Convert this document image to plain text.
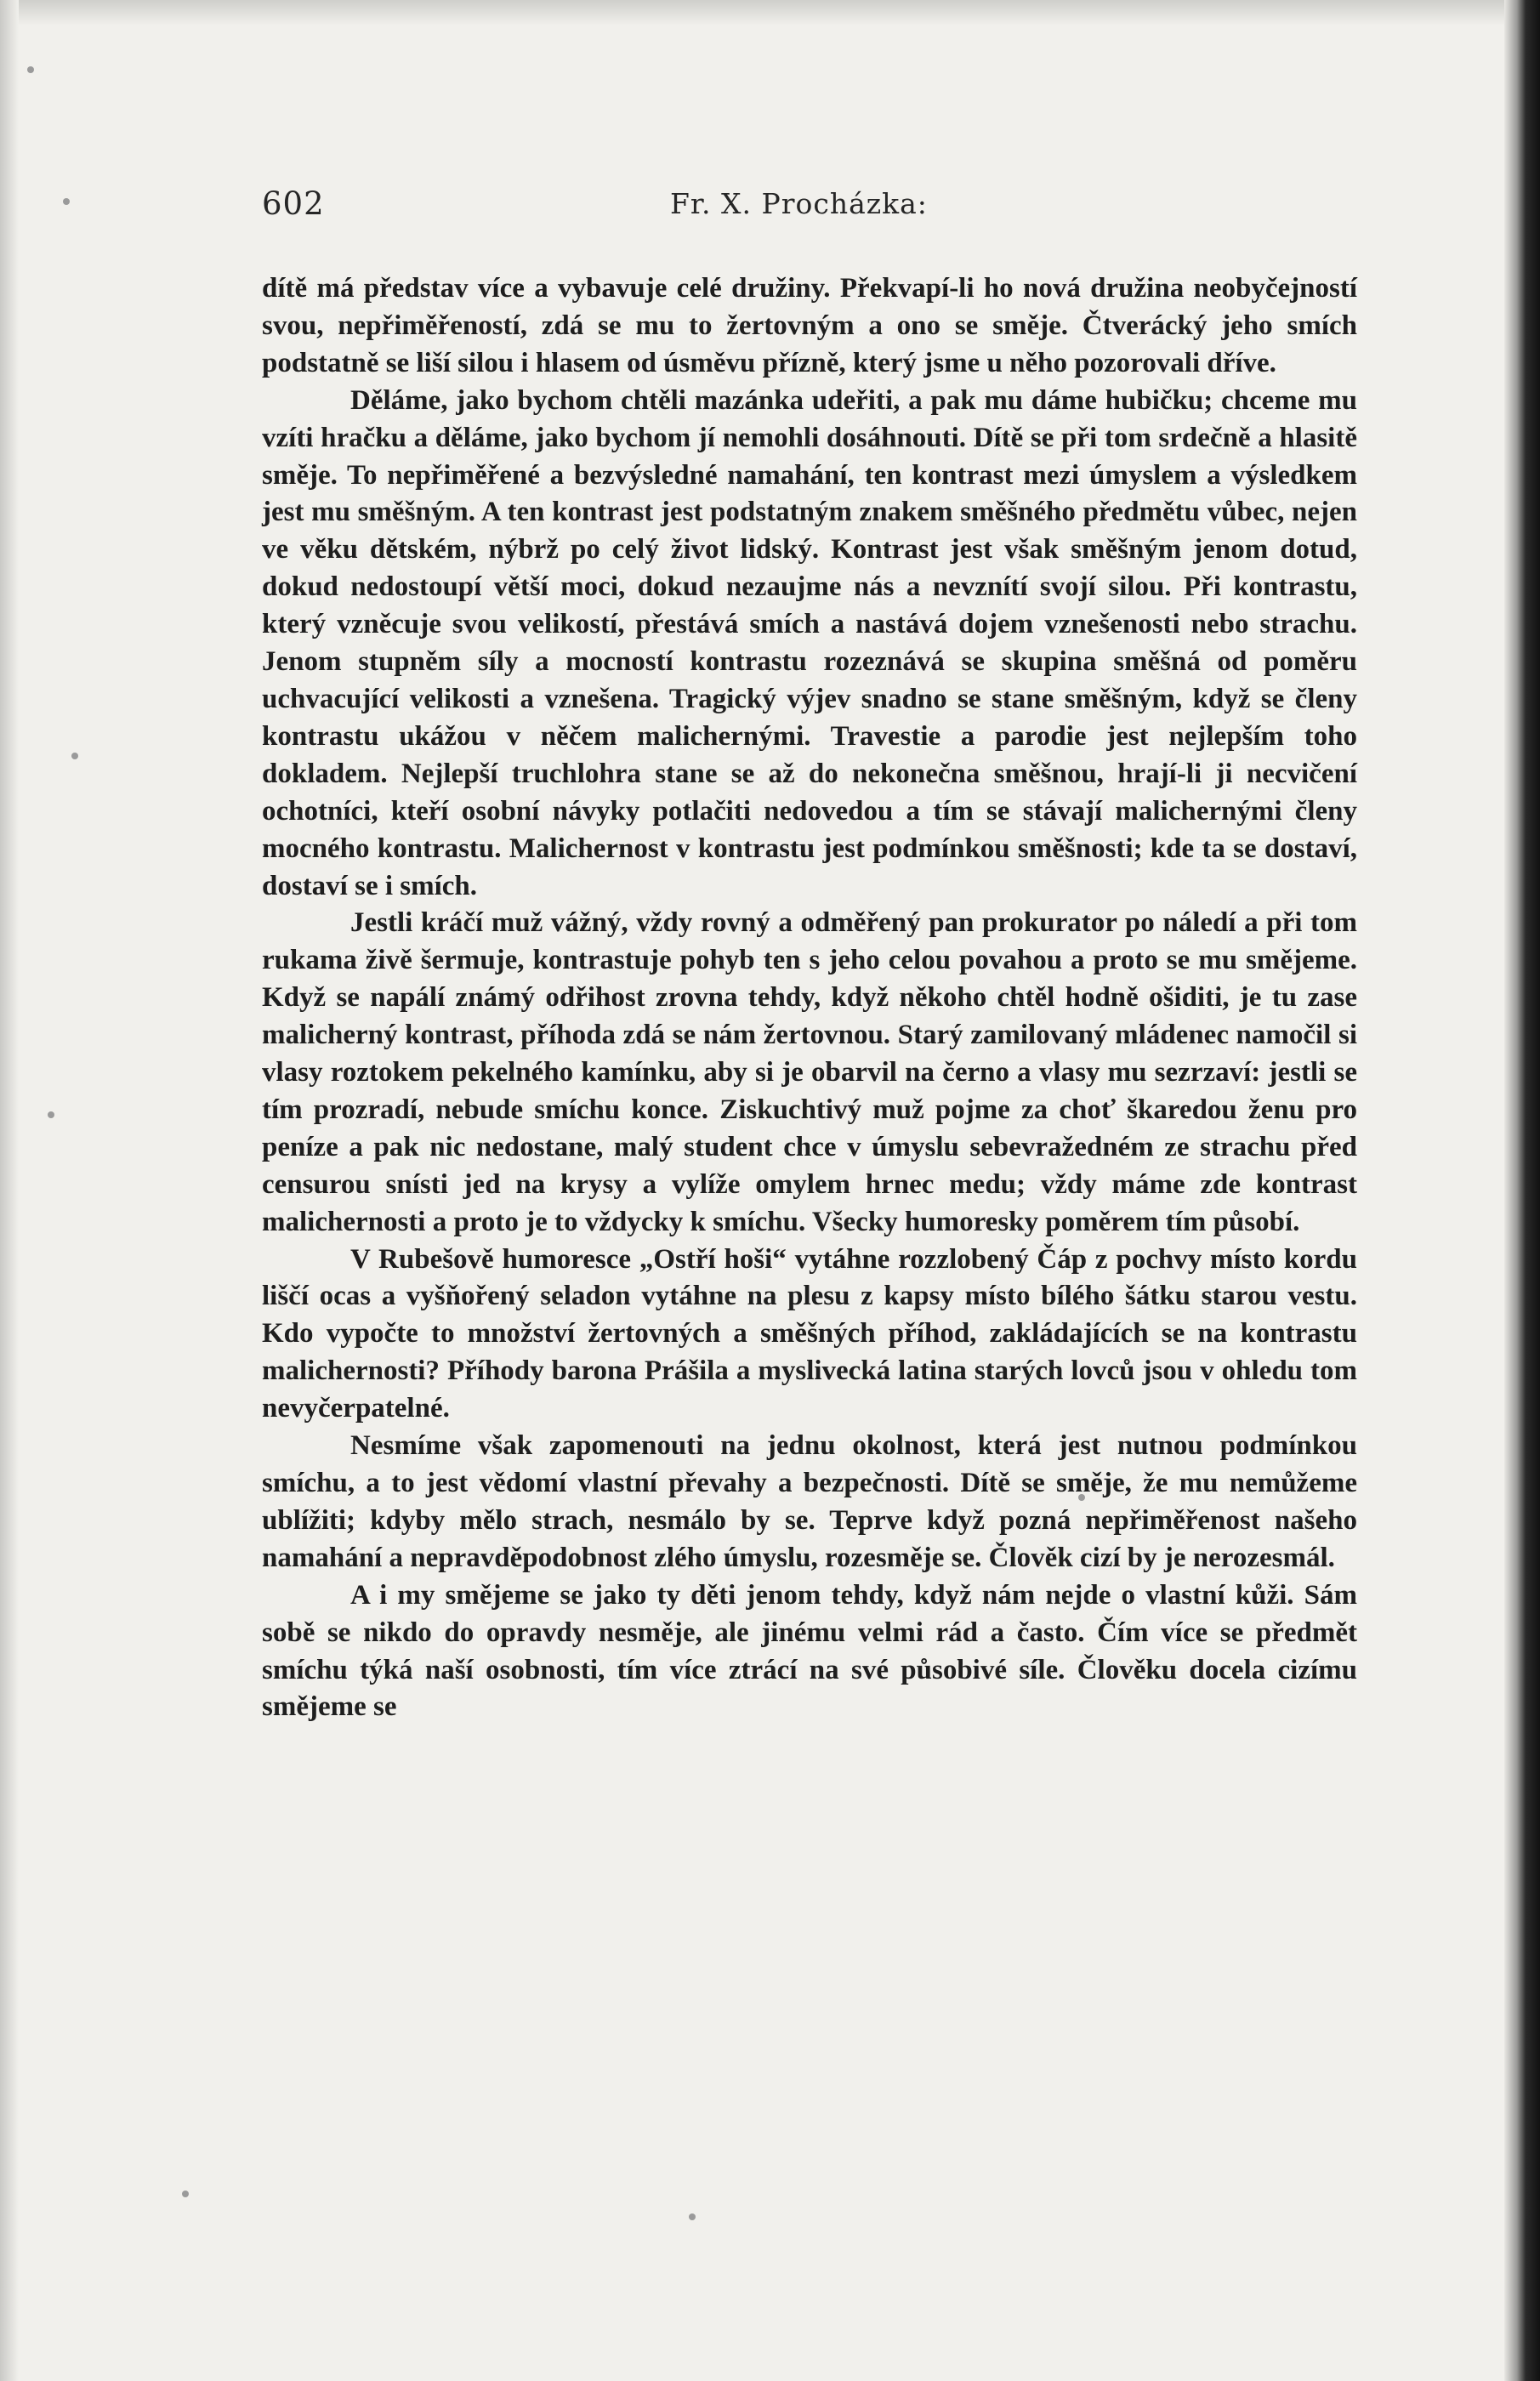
602	Fr. X. Procházka:

dítě má představ více a vybavuje celé družiny. Překvapí-li ho nová družina neobyčejností svou, nepřiměřeností, zdá se mu to žertovným a ono se směje. Čtverácký jeho smích podstatně se liší silou i hlasem od úsměvu přízně, který jsme u něho pozorovali dříve.

Děláme, jako bychom chtěli mazánka udeřiti, a pak mu dáme hubičku; chceme mu vzíti hračku a děláme, jako bychom jí nemohli dosáhnouti. Dítě se při tom srdečně a hlasitě směje. To nepřiměřené a bezvýsledné namahání, ten kontrast mezi úmyslem a výsledkem jest mu směšným. A ten kontrast jest podstatným znakem směšného předmětu vůbec, nejen ve věku dětském, nýbrž po celý život lidský. Kontrast jest však směšným jenom dotud, dokud nedostoupí větší moci, dokud nezaujme nás a nevznítí svojí silou. Při kontrastu, který vzněcuje svou velikostí, přestává smích a nastává dojem vznešenosti nebo strachu. Jenom stupněm síly a mocností kontrastu rozeznává se skupina směšná od poměru uchvacující velikosti a vznešena. Tragický výjev snadno se stane směšným, když se členy kontrastu ukážou v něčem malichernými. Travestie a parodie jest nejlepším toho dokladem. Nejlepší truchlohra stane se až do nekonečna směšnou, hrají-li ji necvičení ochotníci, kteří osobní návyky potlačiti nedovedou a tím se stávají malichernými členy mocného kontrastu. Malichernost v kontrastu jest podmínkou směšnosti; kde ta se dostaví, dostaví se i smích.

Jestli kráčí muž vážný, vždy rovný a odměřený pan prokurator po náledí a při tom rukama živě šermuje, kontrastuje pohyb ten s jeho celou povahou a proto se mu smějeme. Když se napálí známý odřihost zrovna tehdy, když někoho chtěl hodně ošiditi, je tu zase malicherný kontrast, příhoda zdá se nám žertovnou. Starý zamilovaný mládenec namočil si vlasy roztokem pekelného kamínku, aby si je obarvil na černo a vlasy mu sezrzaví: jestli se tím prozradí, nebude smíchu konce. Ziskuchtivý muž pojme za choť škaredou ženu pro peníze a pak nic nedostane, malý student chce v úmyslu sebevražedném ze strachu před censurou snísti jed na krysy a vylíže omylem hrnec medu; vždy máme zde kontrast malichernosti a proto je to vždycky k smíchu. Všecky humoresky poměrem tím působí.

V Rubešově humoresce „Ostří hoši“ vytáhne rozzlobený Čáp z pochvy místo kordu liščí ocas a vyšňořený seladon vytáhne na plesu z kapsy místo bílého šátku starou vestu. Kdo vypočte to množství žertovných a směšných příhod, zakládajících se na kontrastu malichernosti? Příhody barona Prášila a myslivecká latina starých lovců jsou v ohledu tom nevyčerpatelné.

Nesmíme však zapomenouti na jednu okolnost, která jest nutnou podmínkou smíchu, a to jest vědomí vlastní převahy a bezpečnosti. Dítě se směje, že mu nemůžeme ublížiti; kdyby mělo strach, nesmálo by se. Teprve když pozná nepřiměřenost našeho namahání a nepravděpodobnost zlého úmyslu, rozesměje se. Člověk cizí by je nerozesmál.

A i my smějeme se jako ty děti jenom tehdy, když nám nejde o vlastní kůži. Sám sobě se nikdo do opravdy nesměje, ale jinému velmi rád a často. Čím více se předmět smíchu týká naší osobnosti, tím více ztrácí na své působivé síle. Člověku docela cizímu smějeme se
